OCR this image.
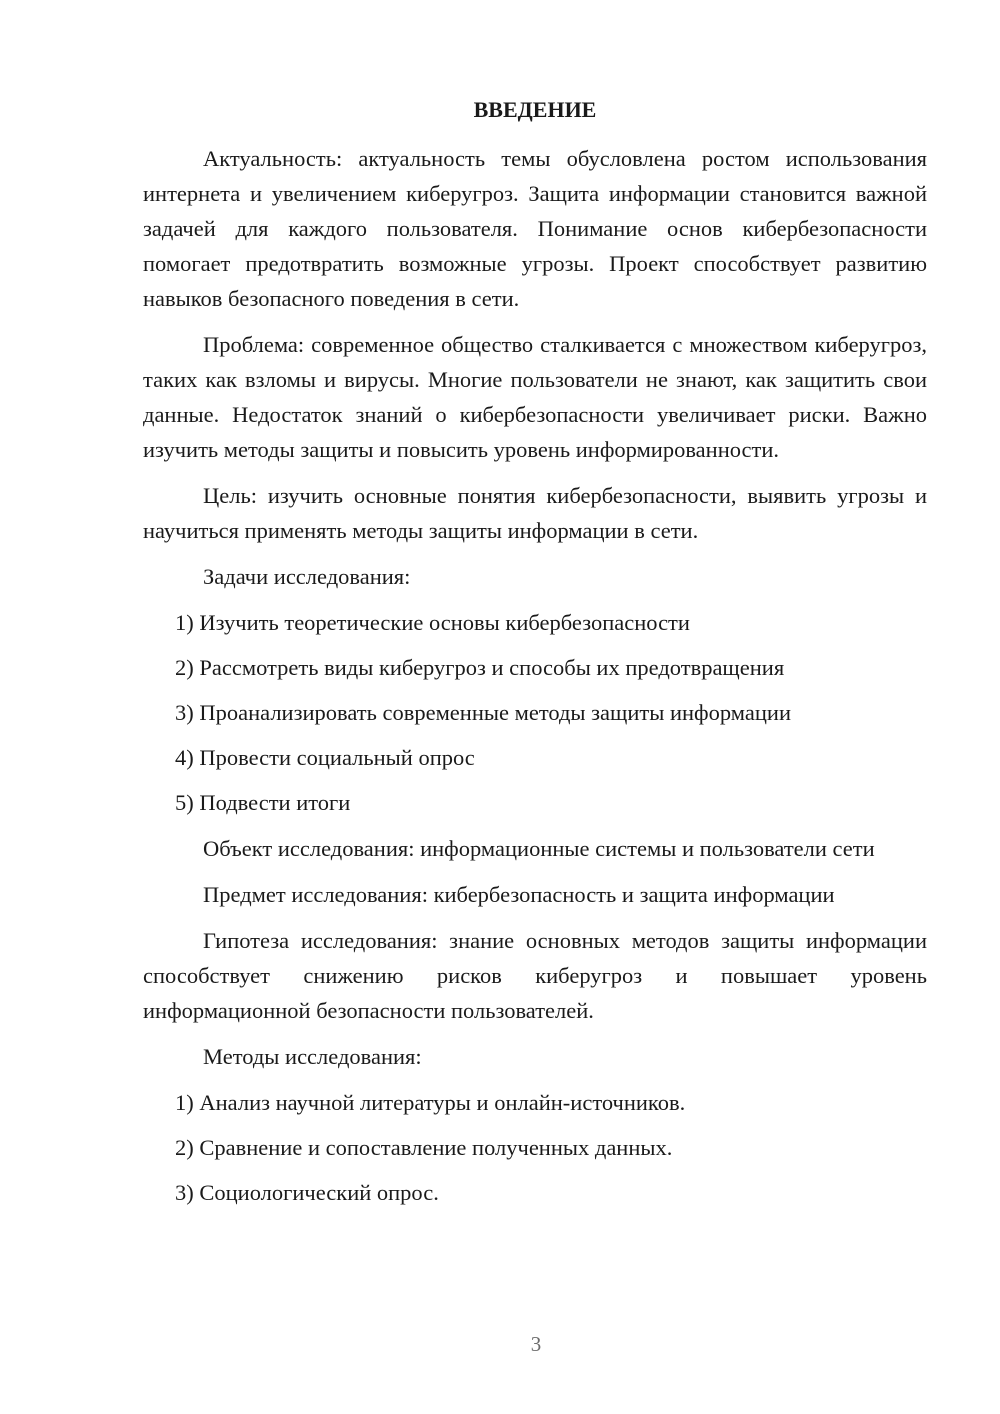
ВВЕДЕНИЕ

Актуальность: актуальность темы обусловлена ростом использования интернета и увеличением киберугроз. Защита информации становится важной задачей для каждого пользователя. Понимание основ кибербезопасности помогает предотвратить возможные угрозы. Проект способствует развитию навыков безопасного поведения в сети.

Проблема: современное общество сталкивается с множеством киберугроз, таких как взломы и вирусы. Многие пользователи не знают, как защитить свои данные. Недостаток знаний о кибербезопасности увеличивает риски. Важно изучить методы защиты и повысить уровень информированности.

Цель: изучить основные понятия кибербезопасности, выявить угрозы и научиться применять методы защиты информации в сети.

Задачи исследования:

1) Изучить теоретические основы кибербезопасности
2) Рассмотреть виды киберугроз и способы их предотвращения
3) Проанализировать современные методы защиты информации
4) Провести социальный опрос
5) Подвести итоги

Объект исследования: информационные системы и пользователи сети

Предмет исследования: кибербезопасность и защита информации

Гипотеза исследования: знание основных методов защиты информации способствует снижению рисков киберугроз и повышает уровень информационной безопасности пользователей.

Методы исследования:

1) Анализ научной литературы и онлайн-источников.
2) Сравнение и сопоставление полученных данных.
3) Социологический опрос.
3
